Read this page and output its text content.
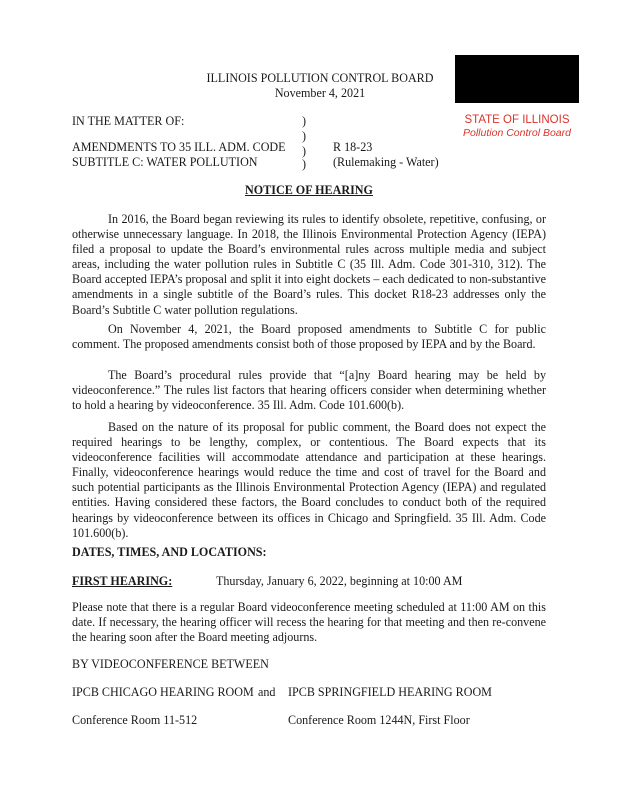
ILLINOIS POLLUTION CONTROL BOARD
November 4, 2021
STATE OF ILLINOIS
Pollution Control Board
IN THE MATTER OF:	)
)
AMENDMENTS TO 35 ILL. ADM. CODE ) R 18-23
SUBTITLE C: WATER POLLUTION	) (Rulemaking - Water)
NOTICE OF HEARING
In 2016, the Board began reviewing its rules to identify obsolete, repetitive, confusing, or otherwise unnecessary language. In 2018, the Illinois Environmental Protection Agency (IEPA) filed a proposal to update the Board’s environmental rules across multiple media and subject areas, including the water pollution rules in Subtitle C (35 Ill. Adm. Code 301-310, 312). The Board accepted IEPA’s proposal and split it into eight dockets – each dedicated to non-substantive amendments in a single subtitle of the Board’s rules. This docket R18-23 addresses only the Board’s Subtitle C water pollution regulations.
On November 4, 2021, the Board proposed amendments to Subtitle C for public comment. The proposed amendments consist both of those proposed by IEPA and by the Board.
The Board’s procedural rules provide that “[a]ny Board hearing may be held by videoconference.” The rules list factors that hearing officers consider when determining whether to hold a hearing by videoconference. 35 Ill. Adm. Code 101.600(b).
Based on the nature of its proposal for public comment, the Board does not expect the required hearings to be lengthy, complex, or contentious. The Board expects that its videoconference facilities will accommodate attendance and participation at these hearings. Finally, videoconference hearings would reduce the time and cost of travel for the Board and such potential participants as the Illinois Environmental Protection Agency (IEPA) and regulated entities. Having considered these factors, the Board concludes to conduct both of the required hearings by videoconference between its offices in Chicago and Springfield. 35 Ill. Adm. Code 101.600(b).
DATES, TIMES, AND LOCATIONS:
FIRST HEARING:	Thursday, January 6, 2022, beginning at 10:00 AM
Please note that there is a regular Board videoconference meeting scheduled at 11:00 AM on this date. If necessary, the hearing officer will recess the hearing for that meeting and then re-convene the hearing soon after the Board meeting adjourns.
BY VIDEOCONFERENCE BETWEEN
IPCB CHICAGO HEARING ROOM and IPCB SPRINGFIELD HEARING ROOM
Conference Room 11-512	Conference Room 1244N, First Floor
